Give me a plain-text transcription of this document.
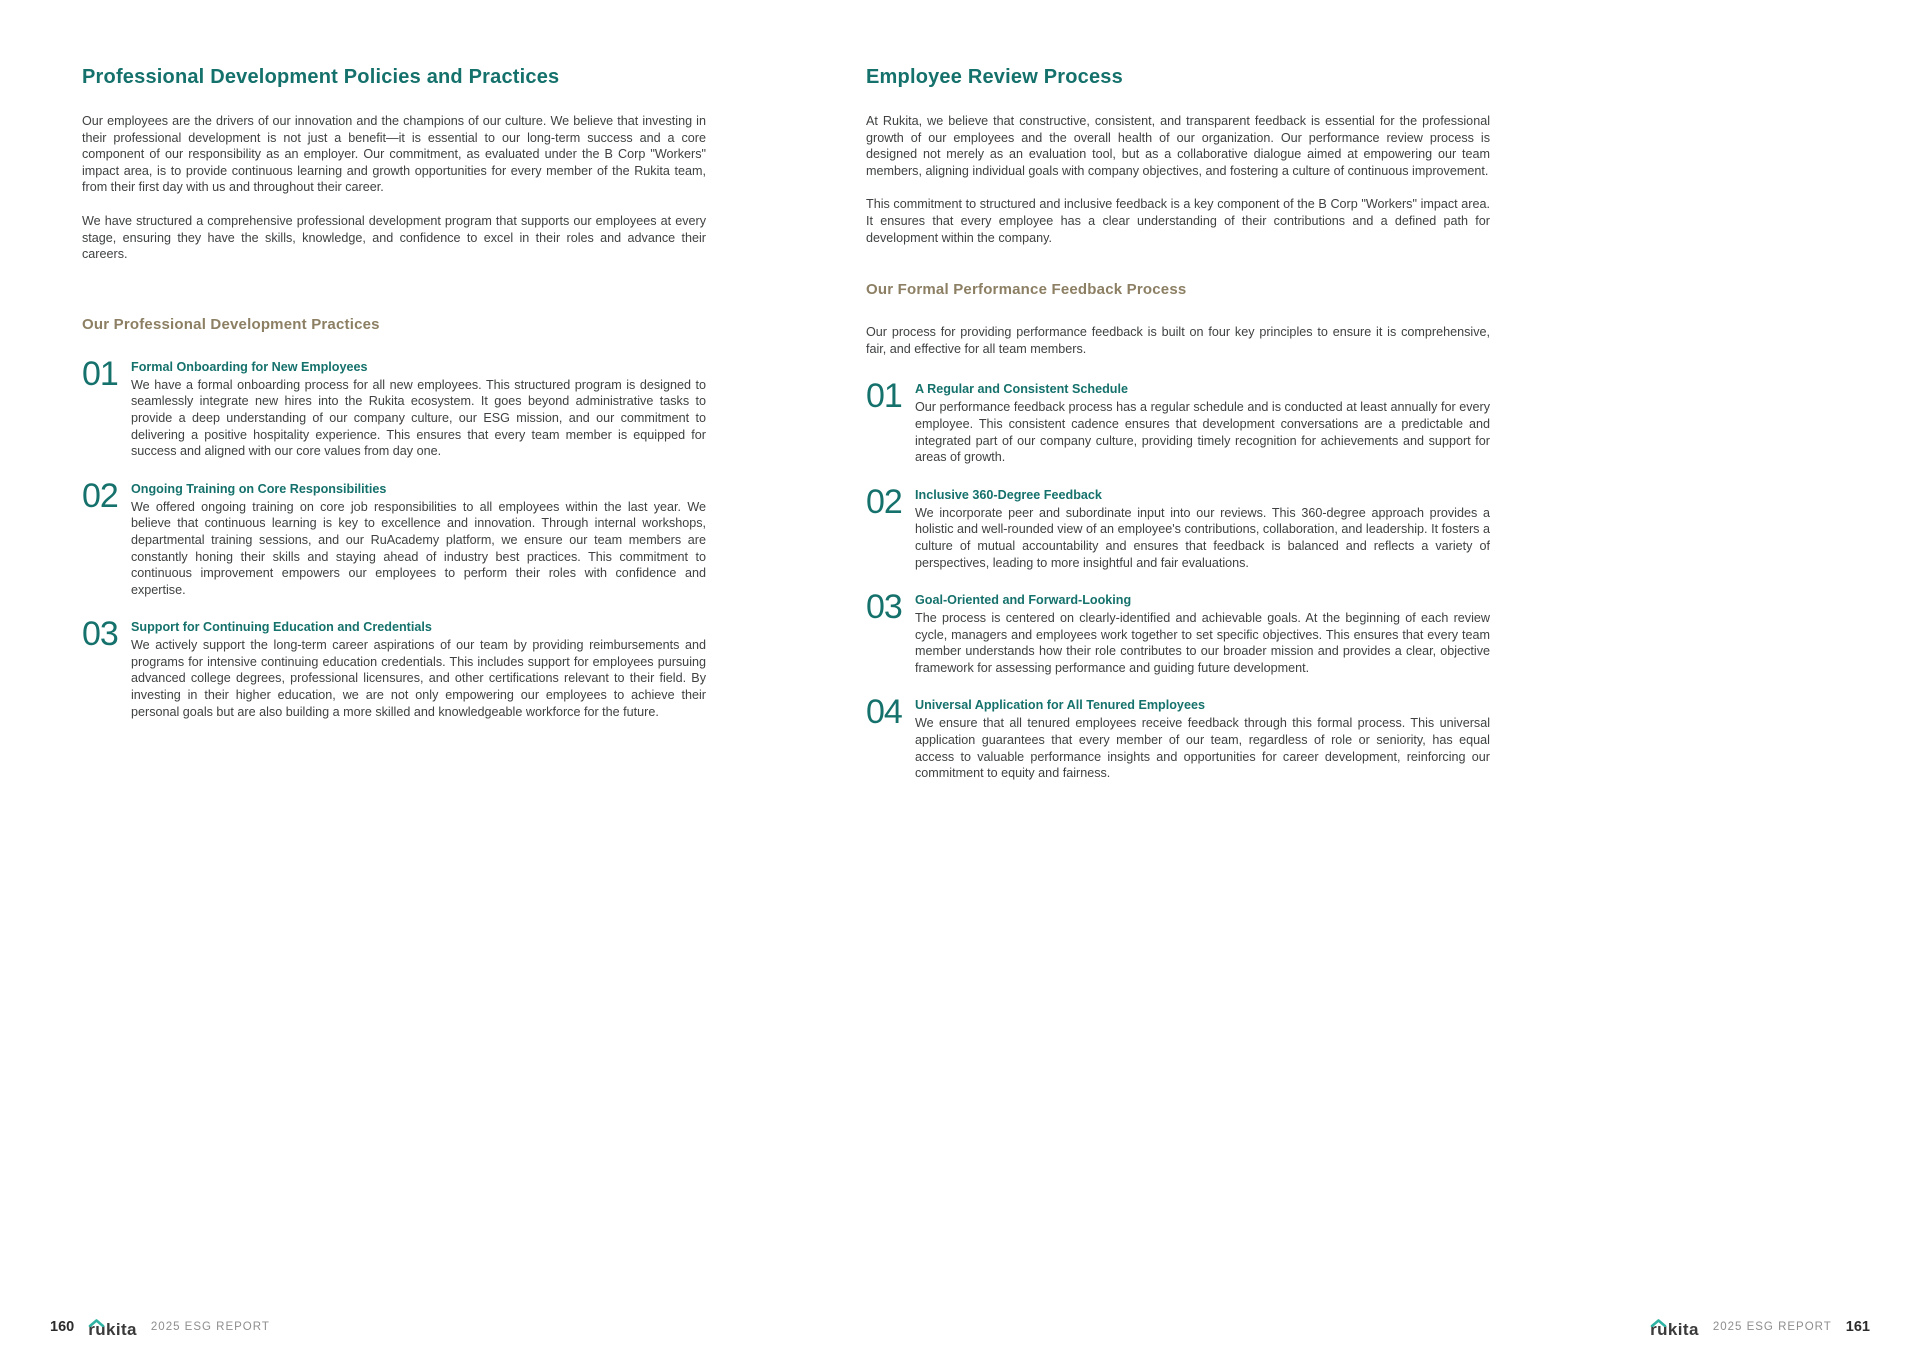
Professional Development Policies and Practices

Our employees are the drivers of our innovation and the champions of our culture. We believe that investing in their professional development is not just a benefit—it is essential to our long-term success and a core component of our responsibility as an employer. Our commitment, as evaluated under the B Corp "Workers" impact area, is to provide continuous learning and growth opportunities for every member of the Rukita team, from their first day with us and throughout their career.

We have structured a comprehensive professional development program that supports our employees at every stage, ensuring they have the skills, knowledge, and confidence to excel in their roles and advance their careers.

Our Professional Development Practices
01	Formal Onboarding for New Employees

We have a formal onboarding process for all new employees. This structured program is designed to seamlessly integrate new hires into the Rukita ecosystem. It goes beyond administrative tasks to provide a deep understanding of our company culture, our ESG mission, and our commitment to delivering a positive hospitality experience. This ensures that every team member is equipped for success and aligned with our core values from day one.

02	Ongoing Training on Core Responsibilities

We offered ongoing training on core job responsibilities to all employees within the last year. We believe that continuous learning is key to excellence and innovation. Through internal workshops, departmental training sessions, and our RuAcademy platform, we ensure our team members are constantly honing their skills and staying ahead of industry best practices. This commitment to continuous improvement empowers our employees to perform their roles with confidence and expertise.

03	Support for Continuing Education and Credentials

We actively support the long-term career aspirations of our team by providing reimbursements and programs for intensive continuing education credentials. This includes support for employees pursuing advanced college degrees, professional licensures, and other certifications relevant to their field. By investing in their higher education, we are not only empowering our employees to achieve their personal goals but are also building a more skilled and knowledgeable workforce for the future.

Employee Review Process

At Rukita, we believe that constructive, consistent, and transparent feedback is essential for the professional growth of our employees and the overall health of our organization. Our performance review process is designed not merely as an evaluation tool, but as a collaborative dialogue aimed at empowering our team members, aligning individual goals with company objectives, and fostering a culture of continuous improvement.

This commitment to structured and inclusive feedback is a key component of the B Corp "Workers" impact area. It ensures that every employee has a clear understanding of their contributions and a defined path for development within the company.

Our Formal Performance Feedback Process

Our process for providing performance feedback is built on four key principles to ensure it is comprehensive, fair, and effective for all team members.

01	A Regular and Consistent Schedule

Our performance feedback process has a regular schedule and is conducted at least annually for every employee. This consistent cadence ensures that development conversations are a predictable and integrated part of our company culture, providing timely recognition for achievements and support for areas of growth.

02	Inclusive 360-Degree Feedback

We incorporate peer and subordinate input into our reviews. This 360-degree approach provides a holistic and well-rounded view of an employee's contributions, collaboration, and leadership. It fosters a culture of mutual accountability and ensures that feedback is balanced and reflects a variety of perspectives, leading to more insightful and fair evaluations.

03	Goal-Oriented and Forward-Looking

The process is centered on clearly-identified and achievable goals. At the beginning of each review cycle, managers and employees work together to set specific objectives. This ensures that every team member understands how their role contributes to our broader mission and provides a clear, objective framework for assessing performance and guiding future development.

04	Universal Application for All Tenured Employees

We ensure that all tenured employees receive feedback through this formal process. This universal application guarantees that every member of our team, regardless of role or seniority, has equal access to valuable performance insights and opportunities for career development, reinforcing our commitment to equity and fairness.

160 rukita 2025 ESG REPORT	rukita 2025 ESG REPORT 161
